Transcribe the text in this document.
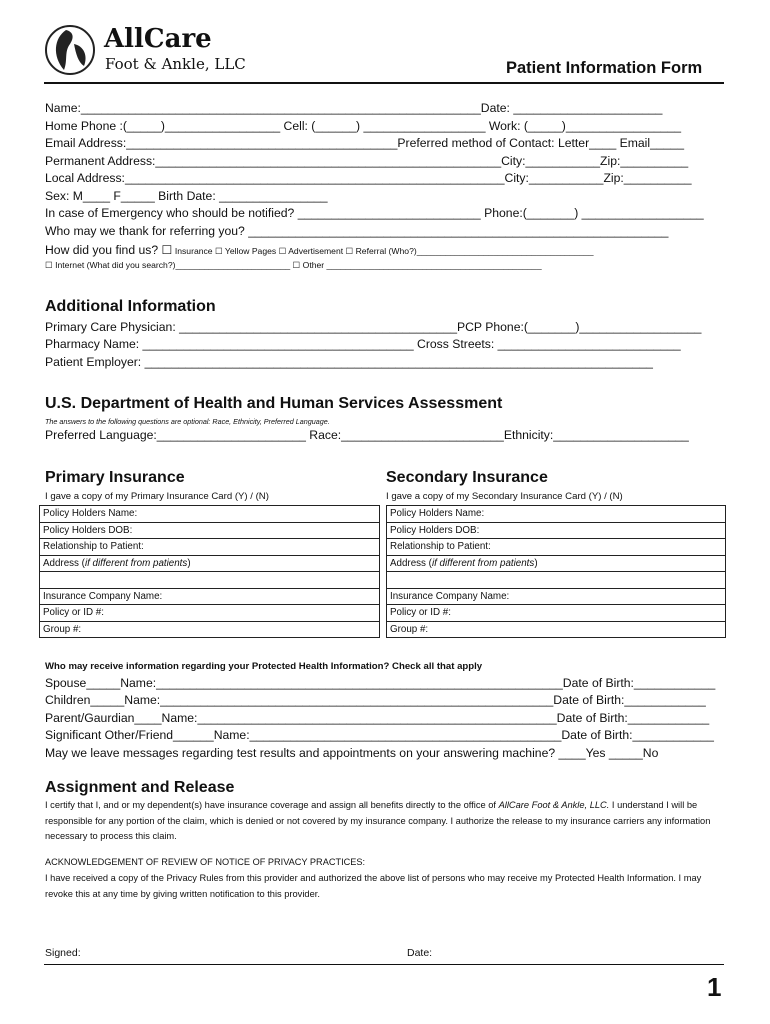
AllCare
Foot & Ankle, LLC	Patient Information Form
Name:___________________________________________________________Date: ______________________
Home Phone :(_____)_________________ Cell: (______) __________________ Work: (_____)_________________
Email Address:________________________________________Preferred method of Contact: Letter____ Email_____
Permanent Address:___________________________________________________City:___________Zip:__________
Local Address:________________________________________________________City:___________Zip:__________
Sex: M____ F_____ Birth Date: ________________
In case of Emergency who should be notified? ___________________________ Phone:(_______) __________________
Who may we thank for referring you? ______________________________________________________________
How did you find us? ☐ Insurance ☐ Yellow Pages ☐ Advertisement ☐ Referral (Who?)_____________________________________
☐ Internet (What did you search?)________________________ ☐ Other _____________________________________________
Additional Information
Primary Care Physician: _________________________________________PCP Phone:(_______)__________________
Pharmacy Name: ________________________________________ Cross Streets: ___________________________
Patient Employer: ___________________________________________________________________________
U.S. Department of Health and Human Services Assessment
The answers to the following questions are optional: Race, Ethnicity, Preferred Language.
Preferred Language:______________________ Race:________________________Ethnicity:____________________
Primary Insurance
I gave a copy of my Primary Insurance Card (Y) / (N)
Policy Holders Name:
Policy Holders DOB:
Relationship to Patient:
Address (if different from patients)

Insurance Company Name:
Policy or ID #:
Group #:
Secondary Insurance
I gave a copy of my Secondary Insurance Card (Y) / (N)
Policy Holders Name:
Policy Holders DOB:
Relationship to Patient:
Address (if different from patients)

Insurance Company Name:
Policy or ID #:
Group #:
Who may receive information regarding your Protected Health Information? Check all that apply
Spouse_____Name:____________________________________________________________Date of Birth:____________
Children_____Name:__________________________________________________________Date of Birth:____________
Parent/Gaurdian____Name:_____________________________________________________Date of Birth:____________
Significant Other/Friend______Name:______________________________________________Date of Birth:____________
May we leave messages regarding test results and appointments on your answering machine? ____Yes _____No
Assignment and Release
I certify that I, and or my dependent(s) have insurance coverage and assign all benefits directly to the office of AllCare Foot & Ankle, LLC. I understand I will be responsible for any portion of the claim, which is denied or not covered by my insurance company. I authorize the release to my insurance carriers any information necessary to process this claim.
ACKNOWLEDGEMENT OF REVIEW OF NOTICE OF PRIVACY PRACTICES:
I have received a copy of the Privacy Rules from this provider and authorized the above list of persons who may receive my Protected Health Information. I may revoke this at any time by giving written notification to this provider.
Signed:	Date:
1
